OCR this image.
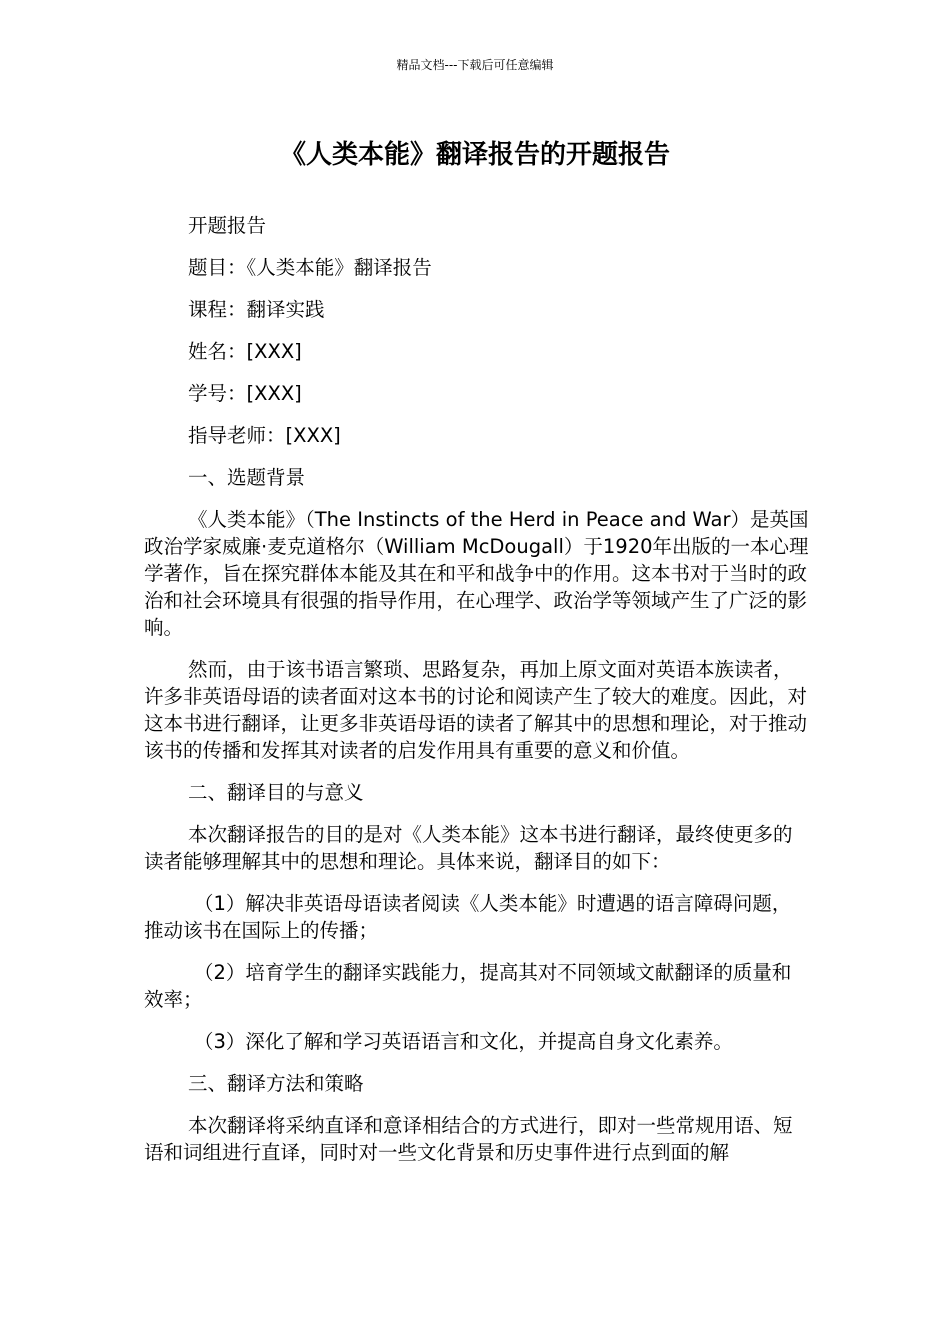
精品文档---下载后可任意编辑
《人类本能》翻译报告的开题报告

开题报告

题目：《人类本能》翻译报告

课程：翻译实践

姓名：[XXX]

学号：[XXX]

指导老师：[XXX]

一、选题背景

《人类本能》（The Instincts of the Herd in Peace and War）是英国政治学家威廉·麦克道格尔（William McDougall）于1920年出版的一本心理学著作，旨在探究群体本能及其在和平和战争中的作用。这本书对于当时的政治和社会环境具有很强的指导作用，在心理学、政治学等领域产生了广泛的影响。

然而，由于该书语言繁琐、思路复杂，再加上原文面对英语本族读者，许多非英语母语的读者面对这本书的讨论和阅读产生了较大的难度。因此，对这本书进行翻译，让更多非英语母语的读者了解其中的思想和理论，对于推动该书的传播和发挥其对读者的启发作用具有重要的意义和价值。

二、翻译目的与意义

本次翻译报告的目的是对《人类本能》这本书进行翻译，最终使更多的读者能够理解其中的思想和理论。具体来说，翻译目的如下：

（1）解决非英语母语读者阅读《人类本能》时遭遇的语言障碍问题，推动该书在国际上的传播；

（2）培育学生的翻译实践能力，提高其对不同领域文献翻译的质量和效率；

（3）深化了解和学习英语语言和文化，并提高自身文化素养。

三、翻译方法和策略

本次翻译将采纳直译和意译相结合的方式进行，即对一些常规用语、短语和词组进行直译，同时对一些文化背景和历史事件进行点到面的解
